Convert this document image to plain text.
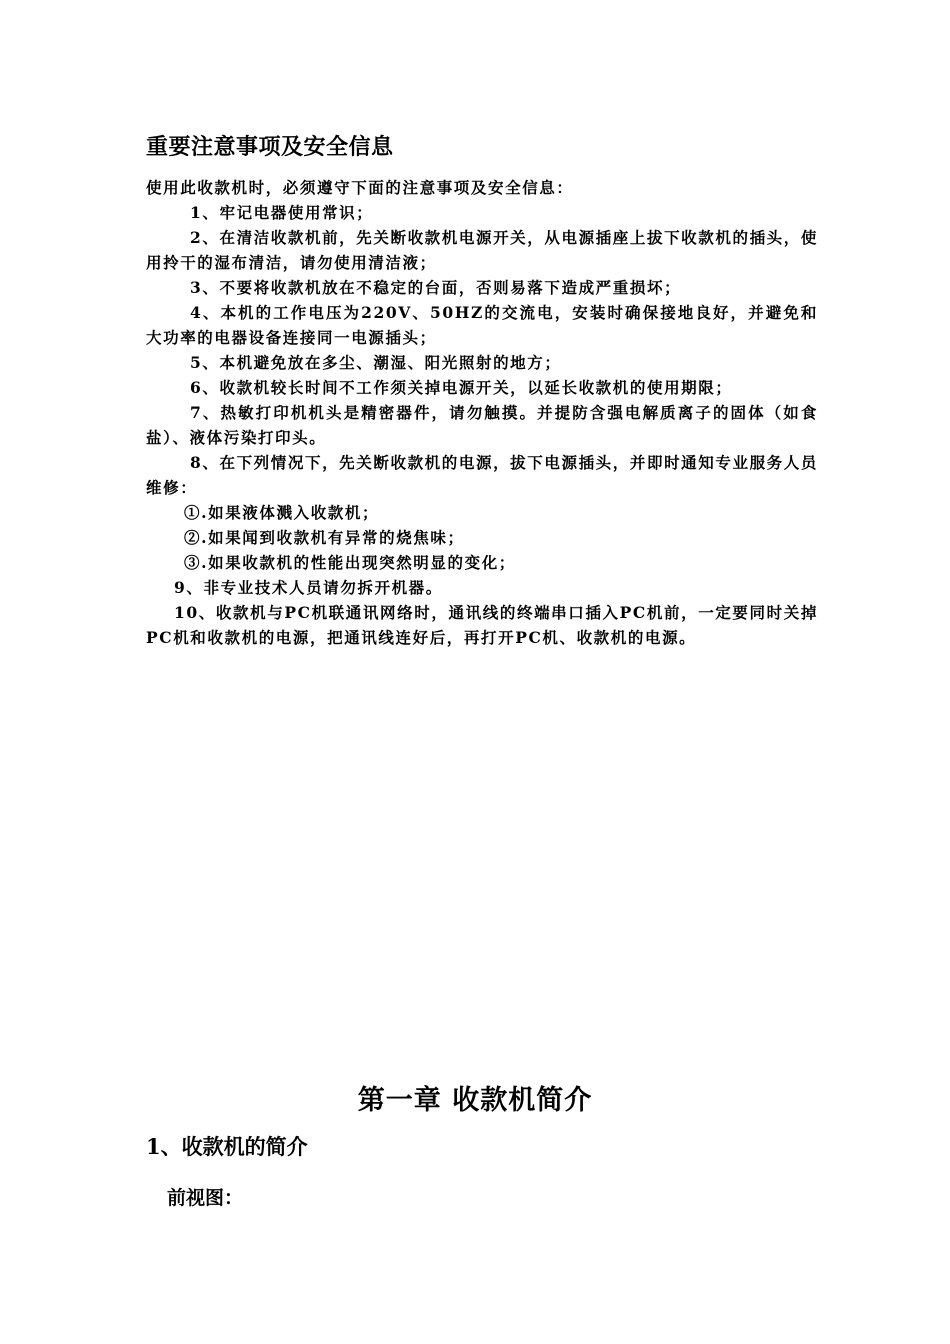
重要注意事项及安全信息

使用此收款机时，必须遵守下面的注意事项及安全信息：

1、牢记电器使用常识；

2、在清洁收款机前，先关断收款机电源开关，从电源插座上拔下收款机的插头，使用拎干的湿布清洁，请勿使用清洁液；

3、不要将收款机放在不稳定的台面，否则易落下造成严重损坏；

4、本机的工作电压为220V、50HZ的交流电，安装时确保接地良好，并避免和大功率的电器设备连接同一电源插头；

5、本机避免放在多尘、潮湿、阳光照射的地方；

6、收款机较长时间不工作须关掉电源开关，以延长收款机的使用期限；

7、热敏打印机机头是精密器件，请勿触摸。并提防含强电解质离子的固体（如食盐）、液体污染打印头。

8、在下列情况下，先关断收款机的电源，拔下电源插头，并即时通知专业服务人员维修：

①.如果液体溅入收款机；

②.如果闻到收款机有异常的烧焦味；

③.如果收款机的性能出现突然明显的变化；

9、非专业技术人员请勿拆开机器。

10、收款机与PC机联通讯网络时，通讯线的终端串口插入PC机前，一定要同时关掉PC机和收款机的电源，把通讯线连好后，再打开PC机、收款机的电源。

第一章 收款机简介
1、收款机的简介
前视图：
